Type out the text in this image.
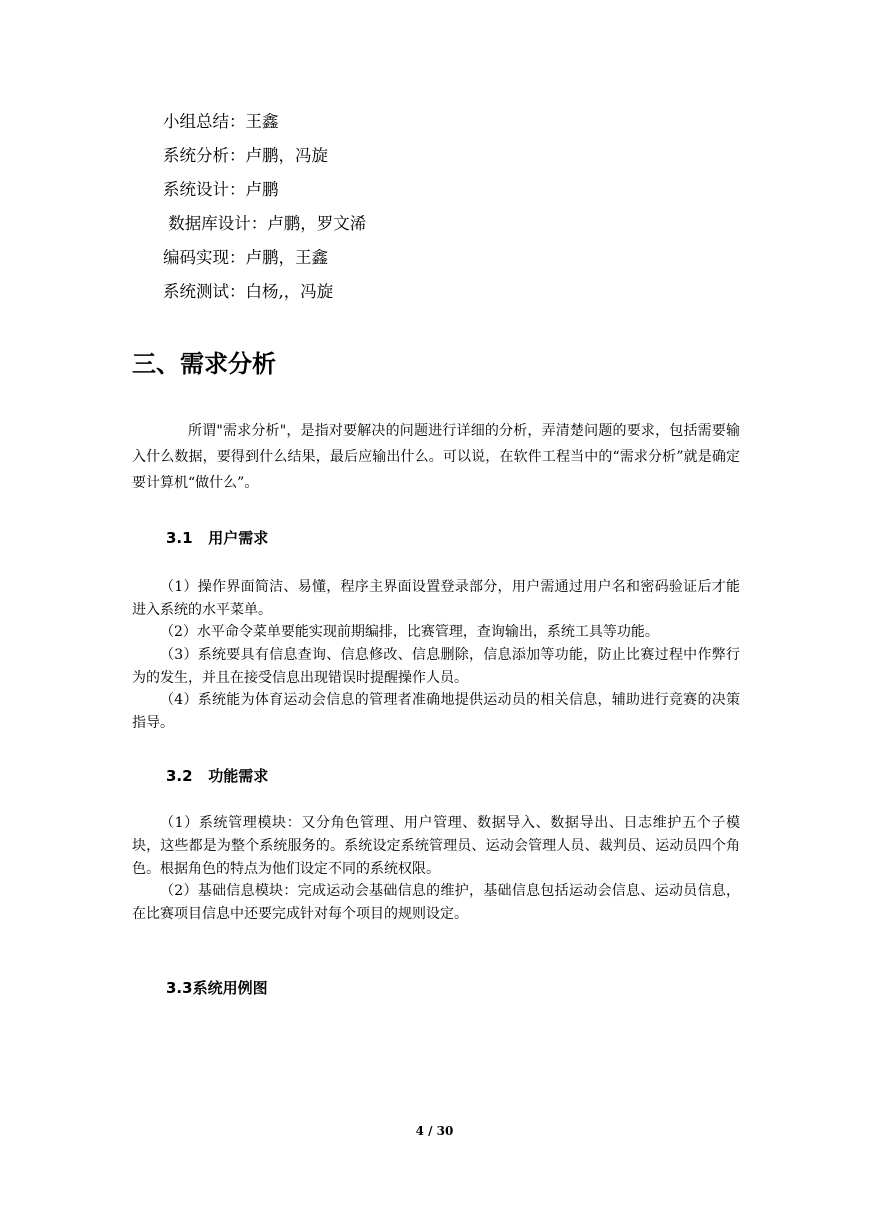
小组总结：王鑫
系统分析：卢鹏，冯旋
系统设计：卢鹏
数据库设计：卢鹏，罗文浠
编码实现：卢鹏，王鑫
系统测试：白杨,，冯旋
三、需求分析
所谓"需求分析"，是指对要解决的问题进行详细的分析，弄清楚问题的要求，包括需要输入什么数据，要得到什么结果，最后应输出什么。可以说，在软件工程当中的“需求分析”就是确定要计算机“做什么”。
3.1   用户需求
（1）操作界面简洁、易懂，程序主界面设置登录部分，用户需通过用户名和密码验证后才能进入系统的水平菜单。
（2）水平命令菜单要能实现前期编排，比赛管理，查询输出，系统工具等功能。
（3）系统要具有信息查询、信息修改、信息删除，信息添加等功能，防止比赛过程中作弊行为的发生，并且在接受信息出现错误时提醒操作人员。
（4）系统能为体育运动会信息的管理者准确地提供运动员的相关信息，辅助进行竞赛的决策指导。
3.2   功能需求
（1）系统管理模块：又分角色管理、用户管理、数据导入、数据导出、日志维护五个子模块，这些都是为整个系统服务的。系统设定系统管理员、运动会管理人员、裁判员、运动员四个角色。根据角色的特点为他们设定不同的系统权限。
（2）基础信息模块：完成运动会基础信息的维护，基础信息包括运动会信息、运动员信息，在比赛项目信息中还要完成针对每个项目的规则设定。
3.3系统用例图
4 / 30
